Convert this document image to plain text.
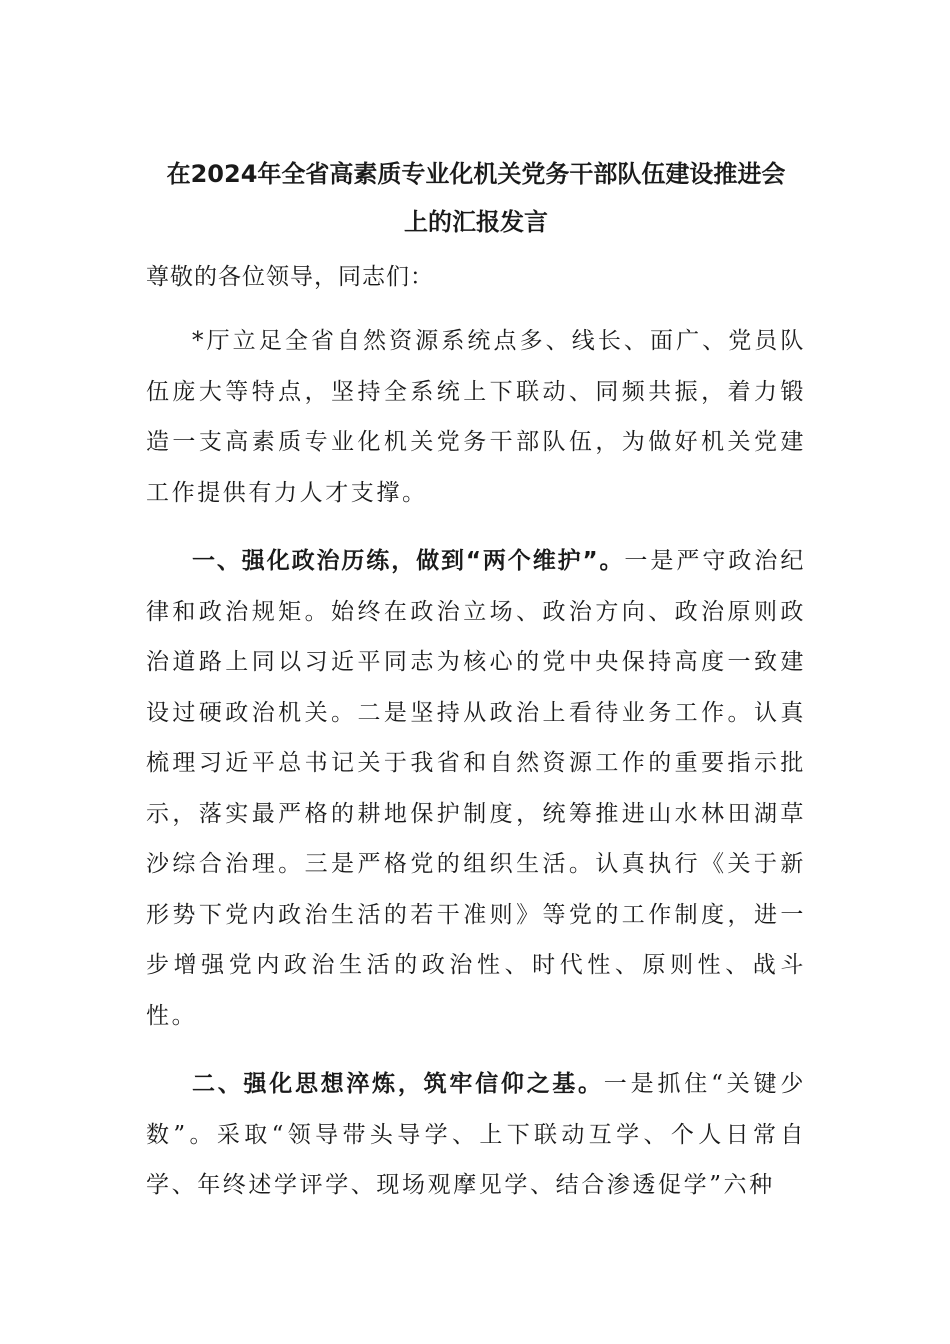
在2024年全省高素质专业化机关党务干部队伍建设推进会
上的汇报发言

尊敬的各位领导，同志们：

*厅立足全省自然资源系统点多、线长、面广、党员队伍庞大等特点，坚持全系统上下联动、同频共振，着力锻造一支高素质专业化机关党务干部队伍，为做好机关党建工作提供有力人才支撑。

一、强化政治历练，做到“两个维护”。一是严守政治纪律和政治规矩。始终在政治立场、政治方向、政治原则政治道路上同以习近平同志为核心的党中央保持高度一致建设过硬政治机关。二是坚持从政治上看待业务工作。认真梳理习近平总书记关于我省和自然资源工作的重要指示批示，落实最严格的耕地保护制度，统筹推进山水林田湖草沙综合治理。三是严格党的组织生活。认真执行《关于新形势下党内政治生活的若干准则》等党的工作制度，进一步增强党内政治生活的政治性、时代性、原则性、战斗性。

二、强化思想淬炼，筑牢信仰之基。一是抓住“关键少数”。采取“领导带头导学、上下联动互学、个人日常自学、年终述学评学、现场观摩见学、结合渗透促学”六种
